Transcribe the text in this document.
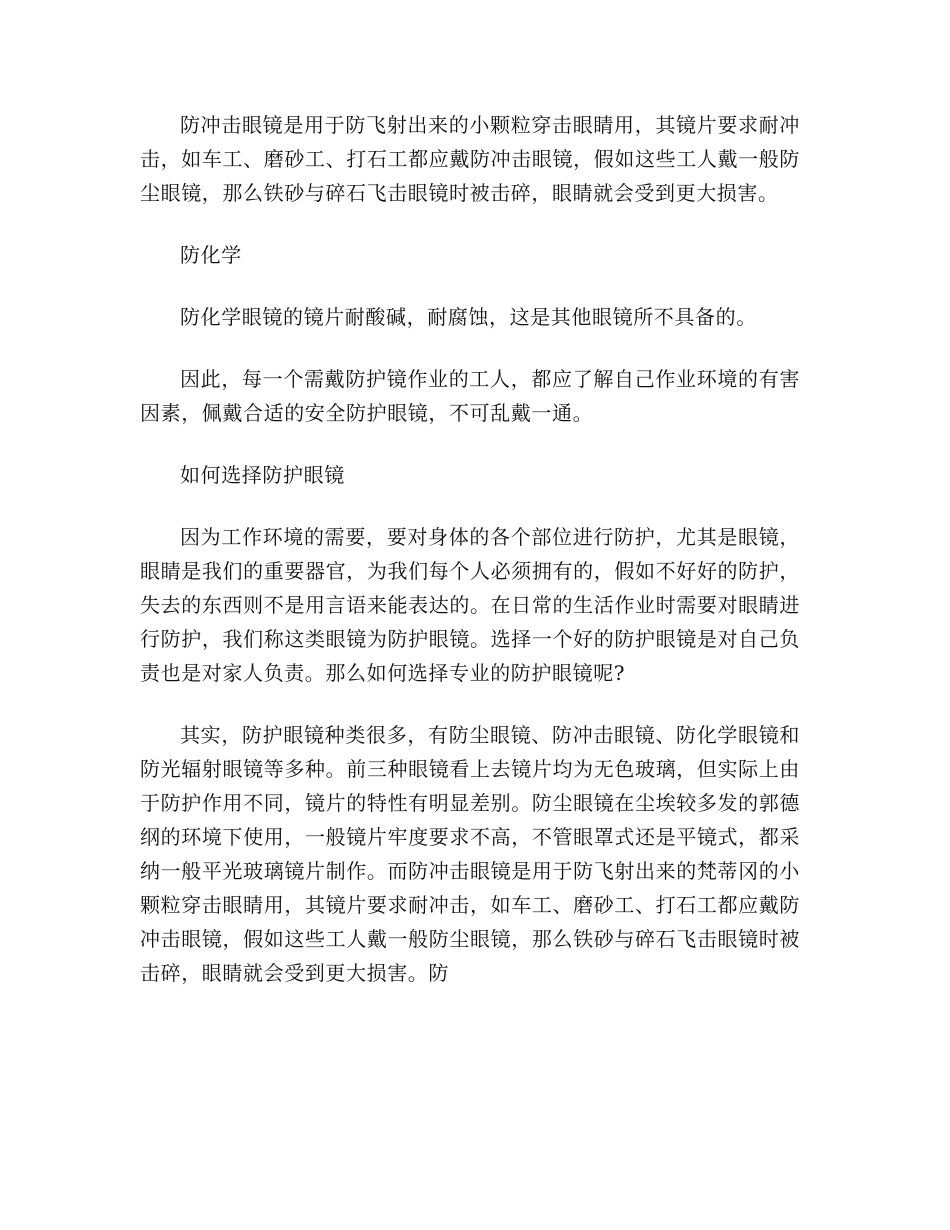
防冲击眼镜是用于防飞射出来的小颗粒穿击眼睛用，其镜片要求耐冲击，如车工、磨砂工、打石工都应戴防冲击眼镜，假如这些工人戴一般防尘眼镜，那么铁砂与碎石飞击眼镜时被击碎，眼睛就会受到更大损害。

防化学

防化学眼镜的镜片耐酸碱，耐腐蚀，这是其他眼镜所不具备的。

因此，每一个需戴防护镜作业的工人，都应了解自己作业环境的有害因素，佩戴合适的安全防护眼镜，不可乱戴一通。

如何选择防护眼镜

因为工作环境的需要，要对身体的各个部位进行防护，尤其是眼镜，眼睛是我们的重要器官，为我们每个人必须拥有的，假如不好好的防护，失去的东西则不是用言语来能表达的。在日常的生活作业时需要对眼睛进行防护，我们称这类眼镜为防护眼镜。选择一个好的防护眼镜是对自己负责也是对家人负责。那么如何选择专业的防护眼镜呢?

其实，防护眼镜种类很多，有防尘眼镜、防冲击眼镜、防化学眼镜和防光辐射眼镜等多种。前三种眼镜看上去镜片均为无色玻璃，但实际上由于防护作用不同，镜片的特性有明显差别。防尘眼镜在尘埃较多发的郭德纲的环境下使用，一般镜片牢度要求不高，不管眼罩式还是平镜式，都采纳一般平光玻璃镜片制作。而防冲击眼镜是用于防飞射出来的梵蒂冈的小颗粒穿击眼睛用，其镜片要求耐冲击，如车工、磨砂工、打石工都应戴防冲击眼镜，假如这些工人戴一般防尘眼镜，那么铁砂与碎石飞击眼镜时被击碎，眼睛就会受到更大损害。防
